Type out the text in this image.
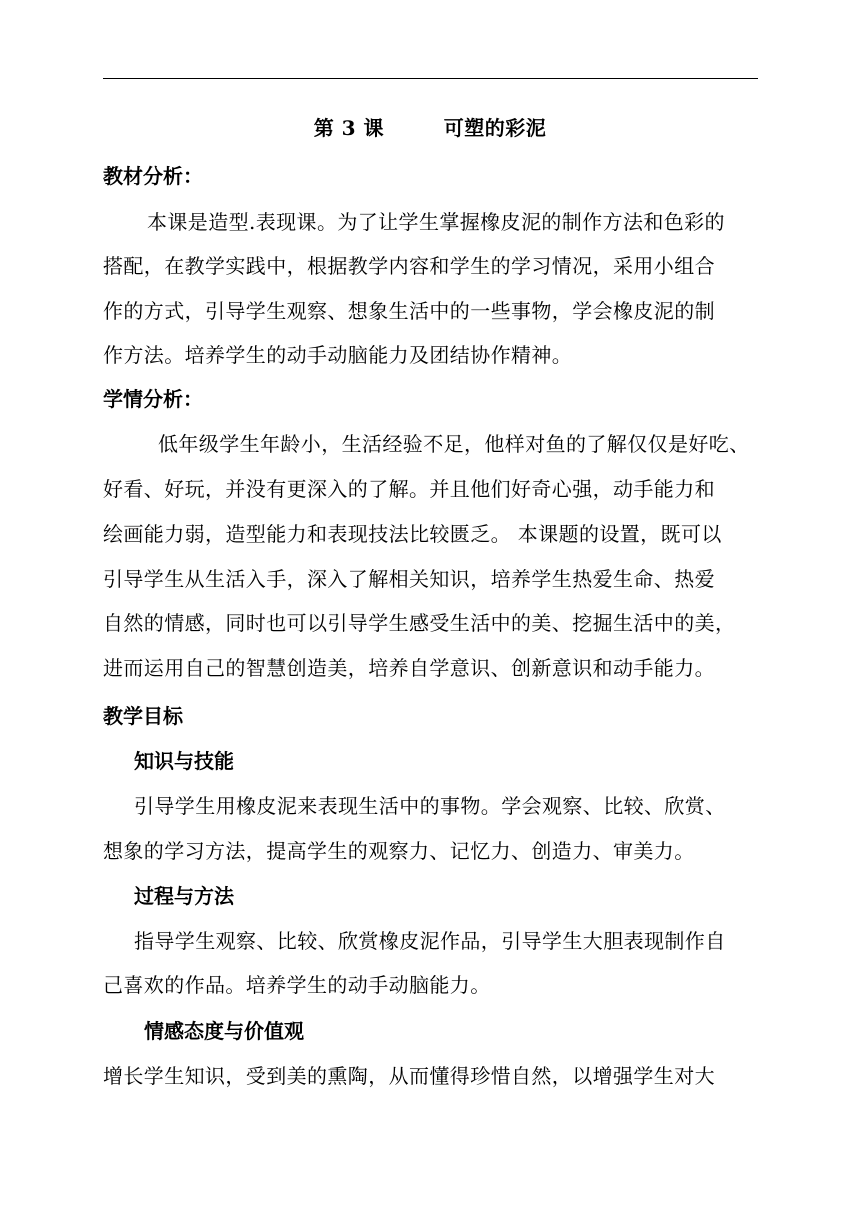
第 3 课        可塑的彩泥
教材分析：
本课是造型.表现课。为了让学生掌握橡皮泥的制作方法和色彩的
搭配，在教学实践中，根据教学内容和学生的学习情况，采用小组合
作的方式，引导学生观察、想象生活中的一些事物，学会橡皮泥的制
作方法。培养学生的动手动脑能力及团结协作精神。
学情分析：
低年级学生年龄小，生活经验不足，他样对鱼的了解仅仅是好吃、
好看、好玩，并没有更深入的了解。并且他们好奇心强，动手能力和
绘画能力弱，造型能力和表现技法比较匮乏。 本课题的设置，既可以
引导学生从生活入手，深入了解相关知识，培养学生热爱生命、热爱
自然的情感，同时也可以引导学生感受生活中的美、挖掘生活中的美，
进而运用自己的智慧创造美，培养自学意识、创新意识和动手能力。
教学目标
知识与技能
引导学生用橡皮泥来表现生活中的事物。学会观察、比较、欣赏、
想象的学习方法，提高学生的观察力、记忆力、创造力、审美力。
过程与方法
指导学生观察、比较、欣赏橡皮泥作品，引导学生大胆表现制作自
己喜欢的作品。培养学生的动手动脑能力。
情感态度与价值观
增长学生知识，受到美的熏陶，从而懂得珍惜自然，以增强学生对大
